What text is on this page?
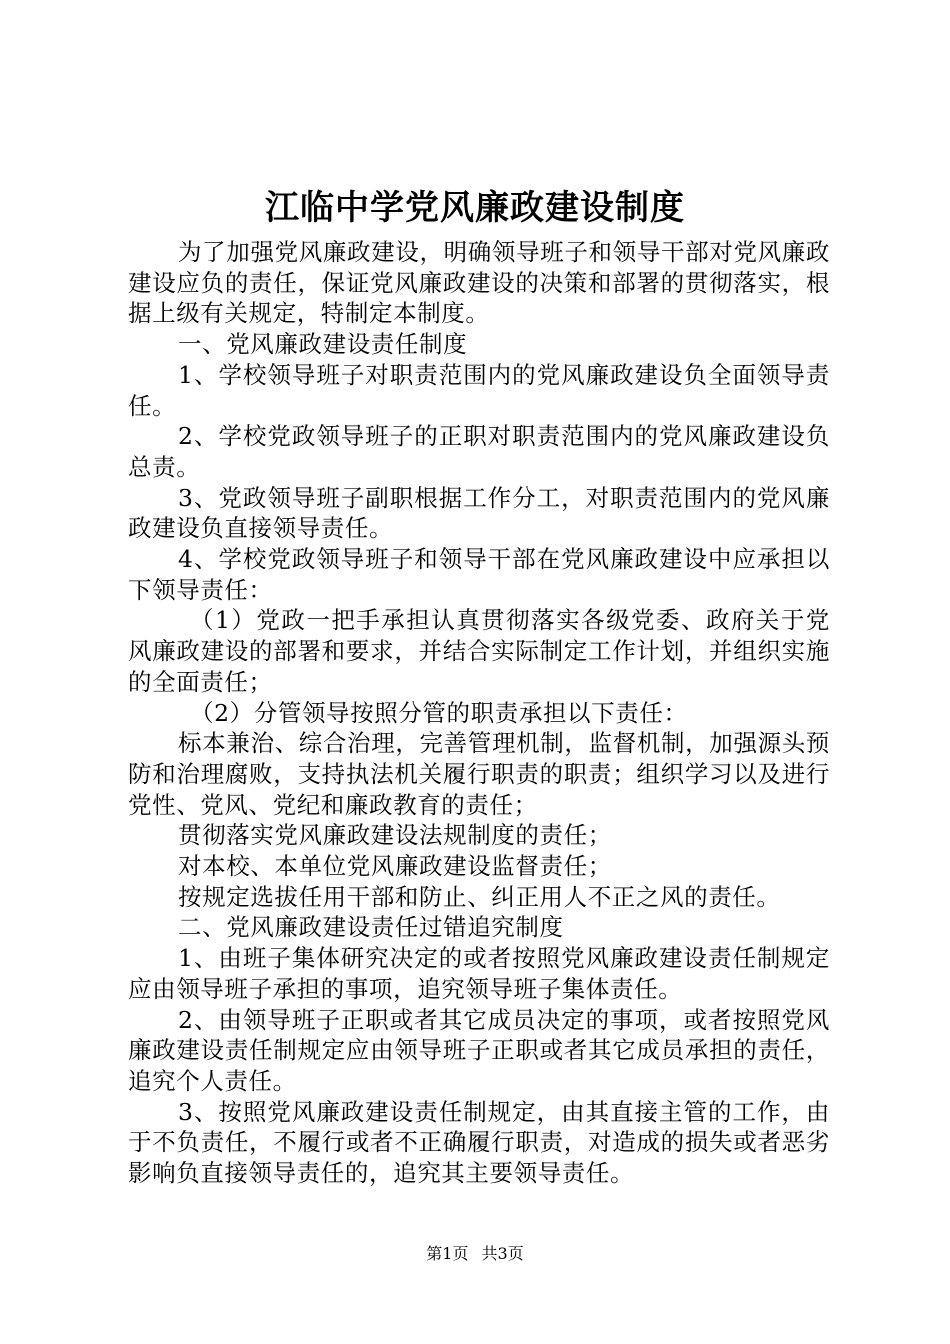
江临中学党风廉政建设制度

为了加强党风廉政建设，明确领导班子和领导干部对党风廉政建设应负的责任，保证党风廉政建设的决策和部署的贯彻落实，根据上级有关规定，特制定本制度。

一、党风廉政建设责任制度

1、学校领导班子对职责范围内的党风廉政建设负全面领导责任。

2、学校党政领导班子的正职对职责范围内的党风廉政建设负总责。

3、党政领导班子副职根据工作分工，对职责范围内的党风廉政建设负直接领导责任。

4、学校党政领导班子和领导干部在党风廉政建设中应承担以下领导责任：

（1）党政一把手承担认真贯彻落实各级党委、政府关于党风廉政建设的部署和要求，并结合实际制定工作计划，并组织实施的全面责任；

（2）分管领导按照分管的职责承担以下责任：

标本兼治、综合治理，完善管理机制，监督机制，加强源头预防和治理腐败，支持执法机关履行职责的职责；组织学习以及进行党性、党风、党纪和廉政教育的责任；

贯彻落实党风廉政建设法规制度的责任；

对本校、本单位党风廉政建设监督责任；

按规定选拔任用干部和防止、纠正用人不正之风的责任。

二、党风廉政建设责任过错追究制度

1、由班子集体研究决定的或者按照党风廉政建设责任制规定应由领导班子承担的事项，追究领导班子集体责任。

2、由领导班子正职或者其它成员决定的事项，或者按照党风廉政建设责任制规定应由领导班子正职或者其它成员承担的责任，追究个人责任。

3、按照党风廉政建设责任制规定，由其直接主管的工作，由于不负责任，不履行或者不正确履行职责，对造成的损失或者恶劣影响负直接领导责任的，追究其主要领导责任。

第1页 共3页
